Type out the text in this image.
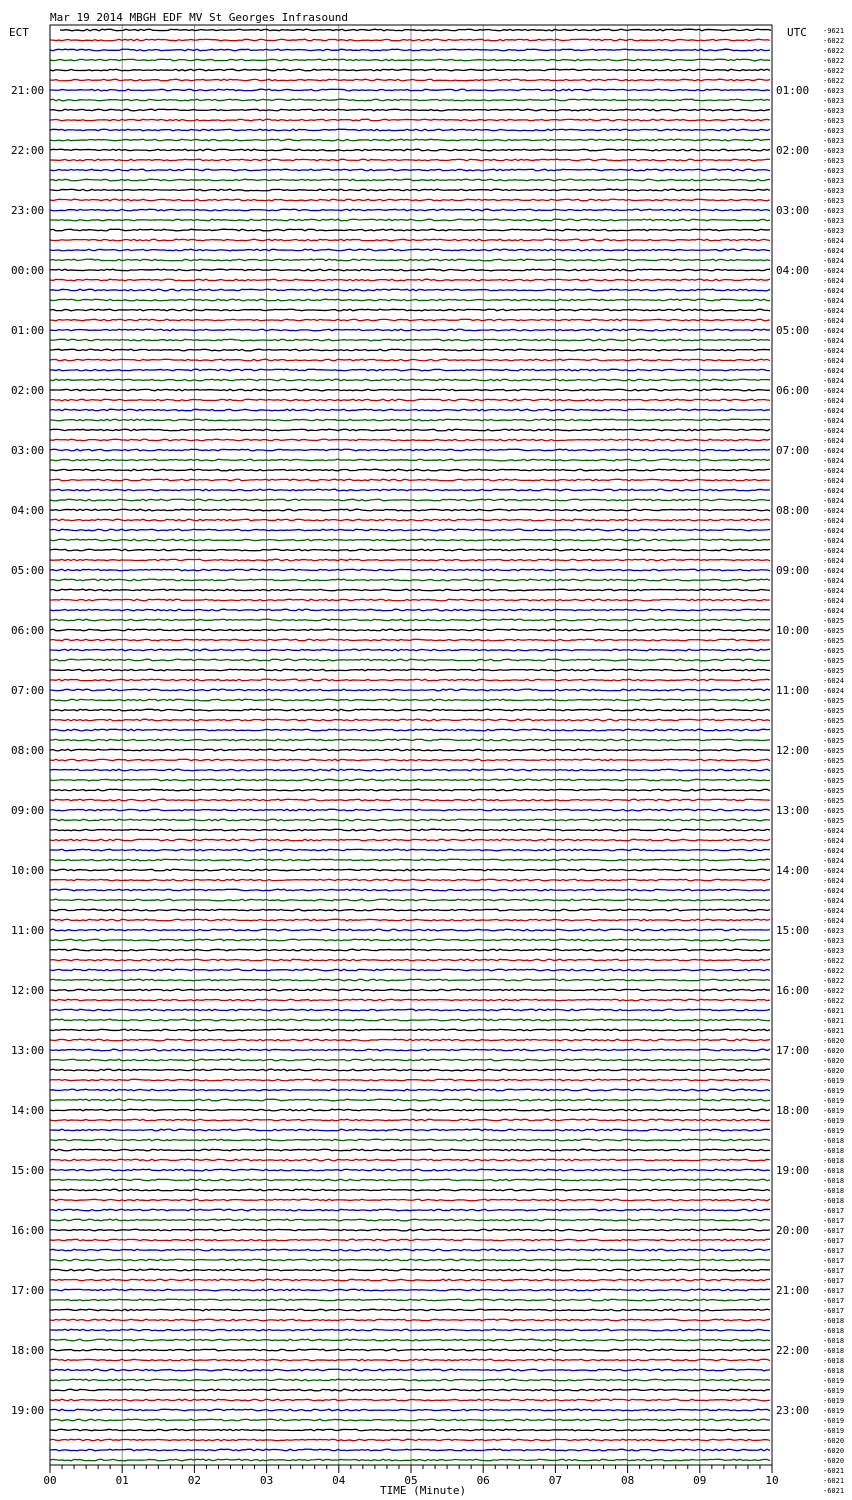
Mar 19 2014 MBGH EDF MV St Georges Infrasound
ECT	UTC
21:00
22:00
23:00
00:00
01:00
02:00
03:00
04:00
05:00
06:00
07:00
08:00
09:00
10:00
11:00
12:00
13:00
14:00
15:00
16:00
17:00
18:00
19:00
01:00
02:00
03:00
04:00
05:00
06:00
07:00
08:00
09:00
10:00
11:00
12:00
13:00
14:00
15:00
16:00
17:00
18:00
19:00
20:00
21:00
22:00
23:00
-9621
-6022
-6022
-6022
-6022
-6022
-6023
-6023
-6023
-6023
-6023
-6023
-6023
-6023
-6023
-6023
-6023
-6023
-6023
-6023
-6023
-6024
-6024
-6024
-6024
-6024
-6024
-6024
-6024
-6024
-6024
-6024
-6024
-6024
-6024
-6024
-6024
-6024
-6024
-6024
-6024
-6024
-6024
-6024
-6024
-6024
-6024
-6024
-6024
-6024
-6024
-6024
-6024
-6024
-6024
-6024
-6024
-6024
-6024
-6025
-6025
-6025
-6025
-6025
-6025
-6024
-6024
-6025
-6025
-6025
-6025
-6025
-6025
-6025
-6025
-6025
-6025
-6025
-6025
-6025
-6024
-6024
-6024
-6024
-6024
-6024
-6024
-6024
-6024
-6024
-6023
-6023
-6023
-6022
-6022
-6022
-6022
-6022
-6021
-6021
-6021
-6020
-6020
-6020
-6020
-6019
-6019
-6019
-6019
-6019
-6019
-6018
-6018
-6018
-6018
-6018
-6018
-6018
-6017
-6017
-6017
-6017
-6017
-6017
-6017
-6017
-6017
-6017
-6017
-6018
-6018
-6018
-6018
-6018
-6018
-6019
-6019
-6019
-6019
-6019
-6019
-6020
-6020
-6020
-6021
-6021
-6021
00	01	02	03	04	05	06	07	08	09	10
TIME (Minute)
